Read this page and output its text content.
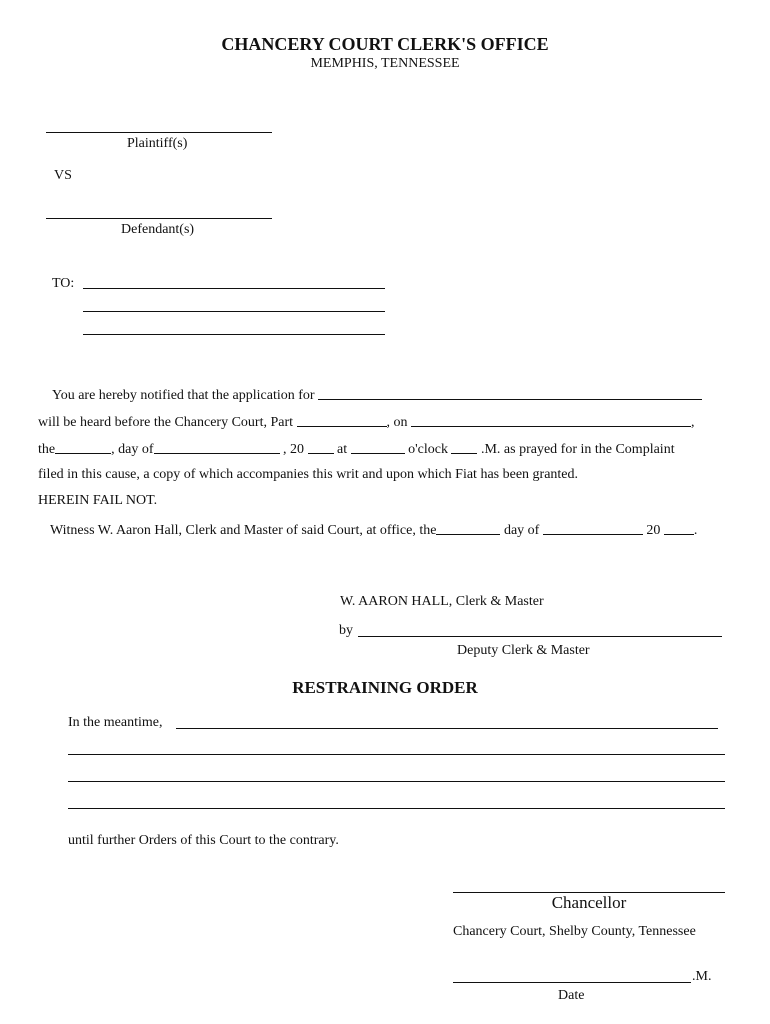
CHANCERY COURT CLERK'S OFFICE
MEMPHIS, TENNESSEE
Plaintiff(s)
VS
Defendant(s)
TO:
You are hereby notified that the application for
will be heard before the Chancery Court, Part	, on	,
the	, day of	, 20 at	o'clock .M. as prayed for in the Complaint
filed in this cause, a copy of which accompanies this writ and upon which Fiat has been granted.
HEREIN FAIL NOT.
Witness W. Aaron Hall, Clerk and Master of said Court, at office, the	day of	20 .
W. AARON HALL, Clerk & Master
by
Deputy Clerk & Master
RESTRAINING ORDER
In the meantime,
until further Orders of this Court to the contrary.
Chancellor
Chancery Court, Shelby County, Tennessee
.M.
Date
